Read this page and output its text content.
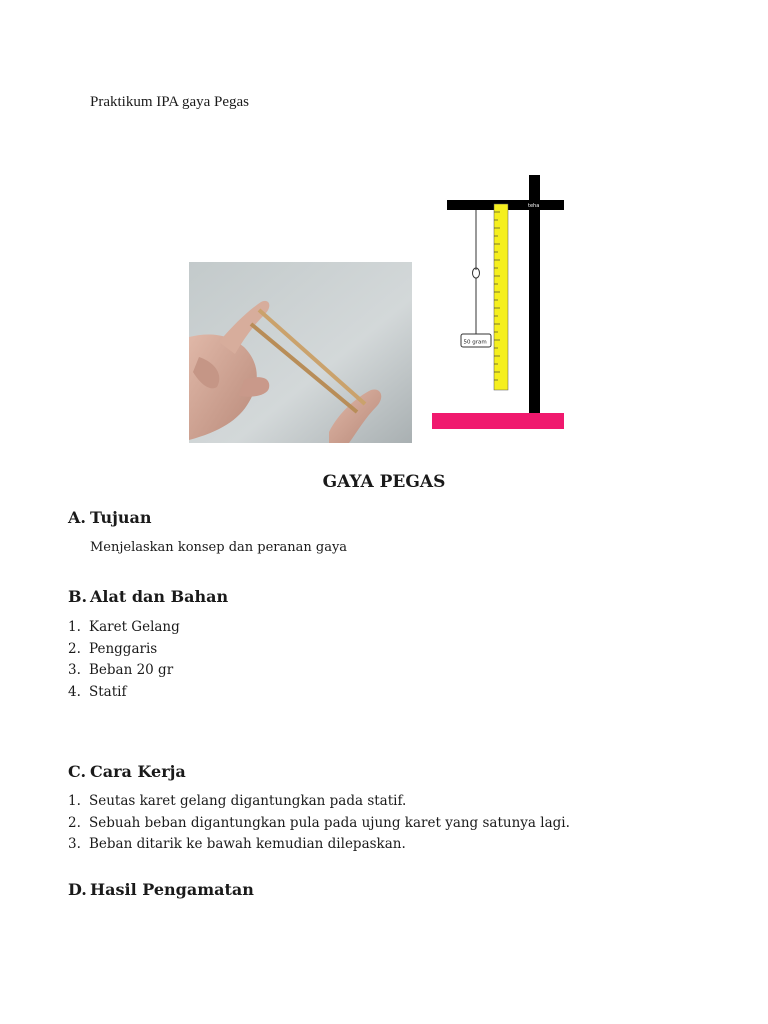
Praktikum IPA gaya Pegas
teha
50 gram
GAYA PEGAS
A. Tujuan
Menjelaskan konsep dan peranan gaya
B. Alat dan Bahan
1. Karet Gelang
2. Penggaris
3. Beban 20 gr
4. Statif
C. Cara Kerja
1. Seutas karet gelang digantungkan pada statif.
2. Sebuah beban digantungkan pula pada ujung karet yang satunya lagi.
3. Beban ditarik ke bawah kemudian dilepaskan.
D. Hasil Pengamatan
